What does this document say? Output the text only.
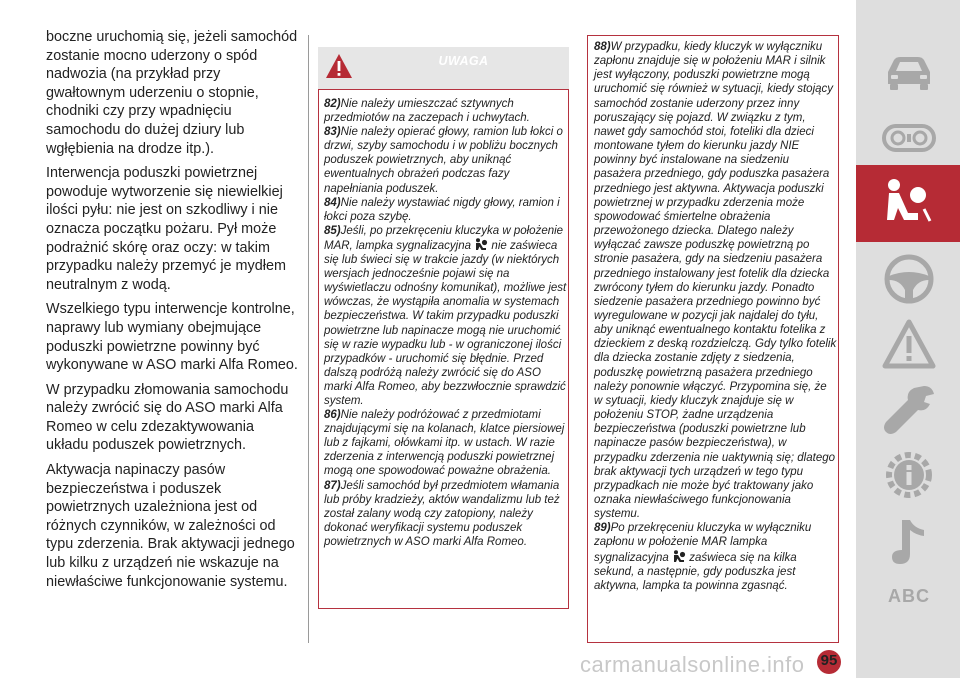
boczne uruchomią się, jeżeli samochód zostanie mocno uderzony o spód nadwozia (na przykład przy gwałtownym uderzeniu o stopnie, chodniki czy przy wpadnięciu samochodu do dużej dziury lub wgłębienia na drodze itp.).

Interwencja poduszki powietrznej powoduje wytworzenie się niewielkiej ilości pyłu: nie jest on szkodliwy i nie oznacza początku pożaru. Pył może podrażnić skórę oraz oczy: w takim przypadku należy przemyć je mydłem neutralnym z wodą.

Wszelkiego typu interwencje kontrolne, naprawy lub wymiany obejmujące poduszki powietrzne powinny być wykonywane w ASO marki Alfa Romeo.

W przypadku złomowania samochodu należy zwrócić się do ASO marki Alfa Romeo w celu zdezaktywowania układu poduszek powietrznych.

Aktywacja napinaczy pasów bezpieczeństwa i poduszek powietrznych uzależniona jest od różnych czynników, w zależności od typu zderzenia. Brak aktywacji jednego lub kilku z urządzeń nie wskazuje na niewłaściwe funkcjonowanie systemu.

UWAGA

82)Nie należy umieszczać sztywnych przedmiotów na zaczepach i uchwytach.

83)Nie należy opierać głowy, ramion lub łokci o drzwi, szyby samochodu i w pobliżu bocznych poduszek powietrznych, aby uniknąć ewentualnych obrażeń podczas fazy napełniania poduszek.

84)Nie należy wystawiać nigdy głowy, ramion i łokci poza szybę.

85)Jeśli, po przekręceniu kluczyka w położenie MAR, lampka sygnalizacyjna nie zaświeca się lub świeci się w trakcie jazdy (w niektórych wersjach jednocześnie pojawi się na wyświetlaczu odnośny komunikat), możliwe jest wówczas, że wystąpiła anomalia w systemach bezpieczeństwa. W takim przypadku poduszki powietrzne lub napinacze mogą nie uruchomić się w razie wypadku lub - w ograniczonej ilości przypadków - uruchomić się błędnie. Przed dalszą podróżą należy zwrócić się do ASO marki Alfa Romeo, aby bezzwłocznie sprawdzić system.

86)Nie należy podróżować z przedmiotami znajdującymi się na kolanach, klatce piersiowej lub z fajkami, ołówkami itp. w ustach. W razie zderzenia z interwencją poduszki powietrznej mogą one spowodować poważne obrażenia.

87)Jeśli samochód był przedmiotem włamania lub próby kradzieży, aktów wandalizmu lub też został zalany wodą czy zatopiony, należy dokonać weryfikacji systemu poduszek powietrznych w ASO marki Alfa Romeo.

88)W przypadku, kiedy kluczyk w wyłączniku zapłonu znajduje się w położeniu MAR i silnik jest wyłączony, poduszki powietrzne mogą uruchomić się również w sytuacji, kiedy stojący samochód zostanie uderzony przez inny poruszający się pojazd. W związku z tym, nawet gdy samochód stoi, foteliki dla dzieci montowane tyłem do kierunku jazdy NIE powinny być instalowane na siedzeniu pasażera przedniego, gdy poduszka pasażera przedniego jest aktywna. Aktywacja poduszki powietrznej w przypadku zderzenia może spowodować śmiertelne obrażenia przewożonego dziecka. Dlatego należy wyłączać zawsze poduszkę powietrzną po stronie pasażera, gdy na siedzeniu pasażera przedniego instalowany jest fotelik dla dziecka zwrócony tyłem do kierunku jazdy. Ponadto siedzenie pasażera przedniego powinno być wyregulowane w pozycji jak najdalej do tyłu, aby uniknąć ewentualnego kontaktu fotelika z dzieckiem z deską rozdzielczą. Gdy tylko fotelik dla dziecka zostanie zdjęty z siedzenia, poduszkę powietrzną pasażera przedniego należy ponownie włączyć. Przypomina się, że w sytuacji, kiedy kluczyk znajduje się w położeniu STOP, żadne urządzenia bezpieczeństwa (poduszki powietrzne lub napinacze pasów bezpieczeństwa), w przypadku zderzenia nie uaktywnią się; dlatego brak aktywacji tych urządzeń w tego typu przypadkach nie może być traktowany jako oznaka niewłaściwego funkcjonowania systemu.

89)Po przekręceniu kluczyka w wyłączniku zapłonu w położenie MAR lampka sygnalizacyjna zaświeca się na kilka sekund, a następnie, gdy poduszka jest aktywna, lampka ta powinna zgasnąć.

ABC
carmanualsonline.info 95
